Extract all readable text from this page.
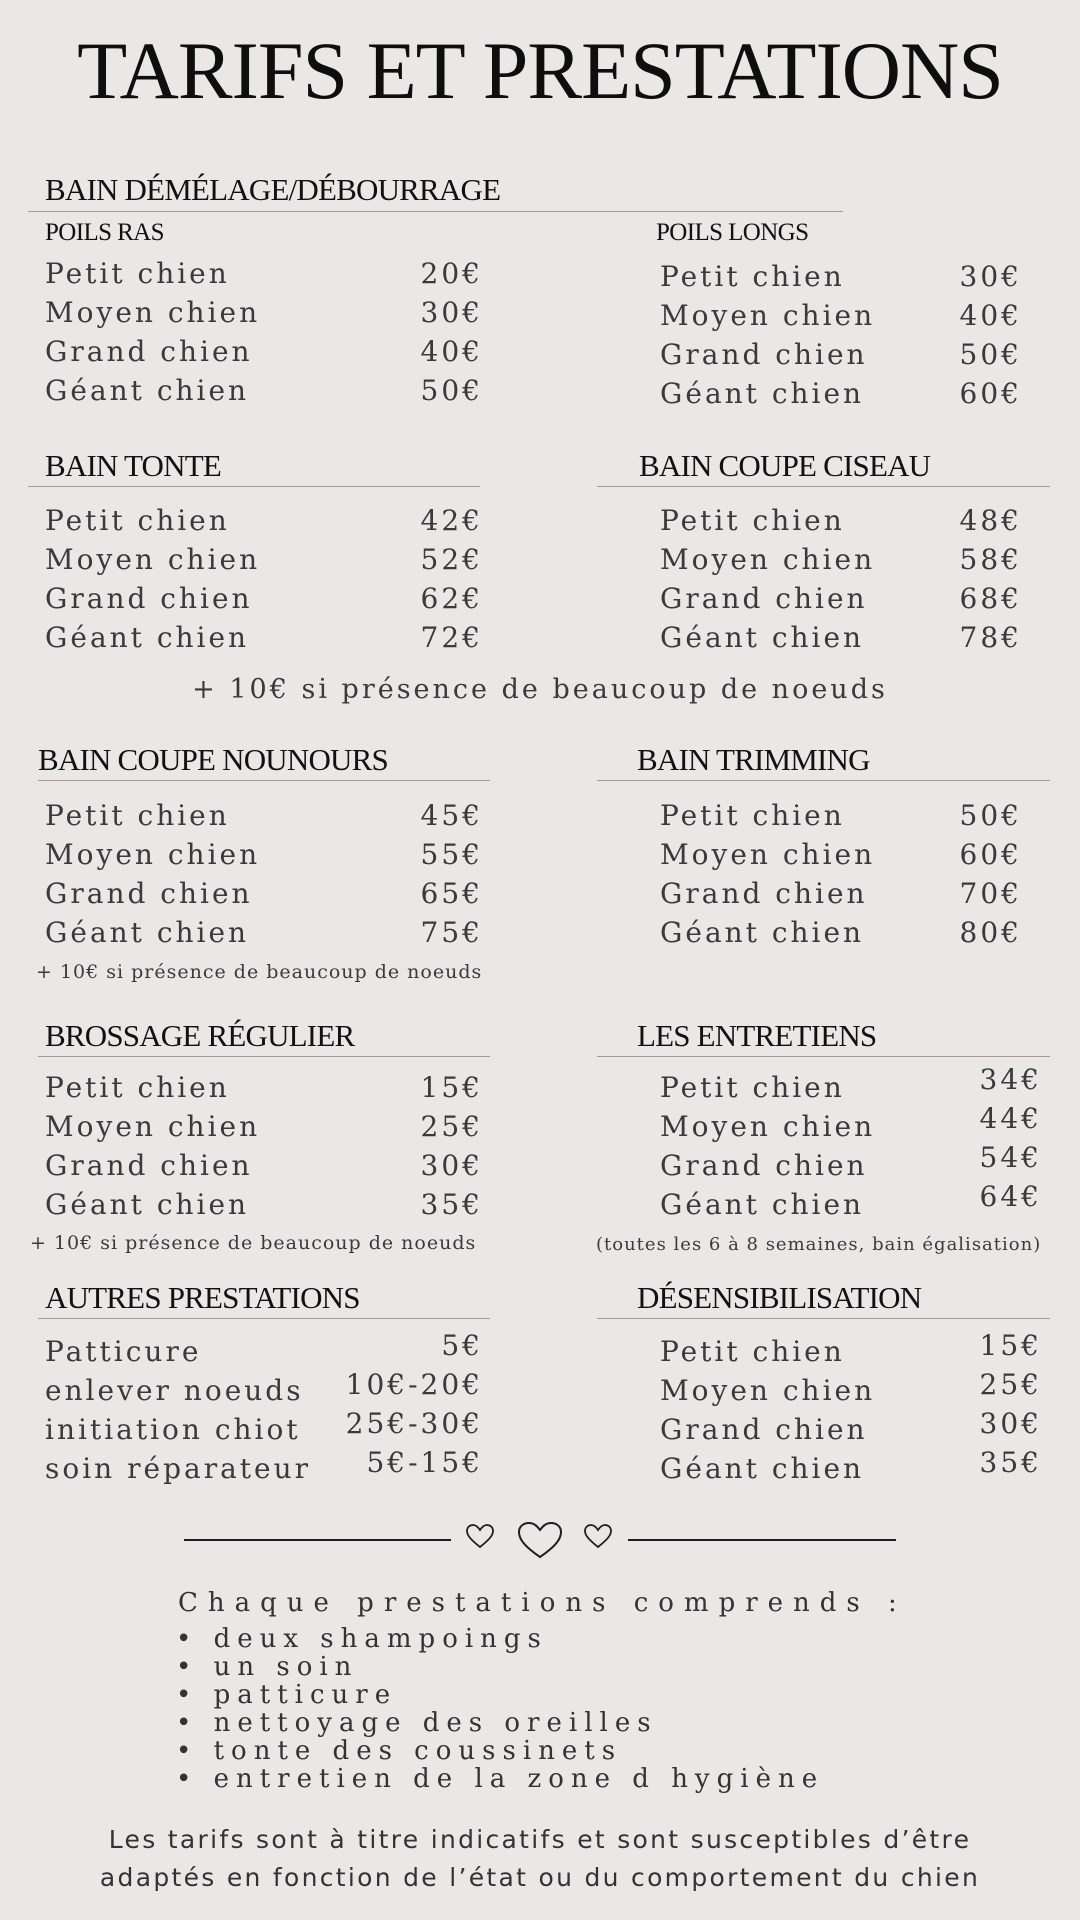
TARIFS ET PRESTATIONS
BAIN DÉMÉLAGE/DÉBOURRAGE
POILS RAS
Petit chien	20€
Moyen chien	30€
Grand chien	40€
Géant chien	50€
POILS LONGS
Petit chien	30€
Moyen chien	40€
Grand chien	50€
Géant chien	60€
BAIN TONTE
Petit chien	42€
Moyen chien	52€
Grand chien	62€
Géant chien	72€
BAIN COUPE CISEAU
Petit chien	48€
Moyen chien	58€
Grand chien	68€
Géant chien	78€
+ 10€ si présence de beaucoup de noeuds
BAIN COUPE NOUNOURS
Petit chien	45€
Moyen chien	55€
Grand chien	65€
Géant chien	75€
+ 10€ si présence de beaucoup de noeuds
BAIN TRIMMING
Petit chien	50€
Moyen chien	60€
Grand chien	70€
Géant chien	80€
BROSSAGE RÉGULIER
Petit chien	15€
Moyen chien	25€
Grand chien	30€
Géant chien	35€
+ 10€ si présence de beaucoup de noeuds
LES ENTRETIENS
Petit chien	34€
Moyen chien	44€
Grand chien	54€
Géant chien	64€
(toutes les 6 à 8 semaines, bain égalisation)
AUTRES PRESTATIONS
Patticure	5€
enlever noeuds 10€-20€
initiation chiot 25€-30€
soin réparateur 5€-15€
DÉSENSIBILISATION
Petit chien	15€
Moyen chien	25€
Grand chien	30€
Géant chien	35€
Chaque prestations comprends :
• deux shampoings
• un soin
• patticure
• nettoyage des oreilles
• tonte des coussinets
• entretien de la zone d hygiène
Les tarifs sont à titre indicatifs et sont susceptibles d’être
adaptés en fonction de l’état ou du comportement du chien
